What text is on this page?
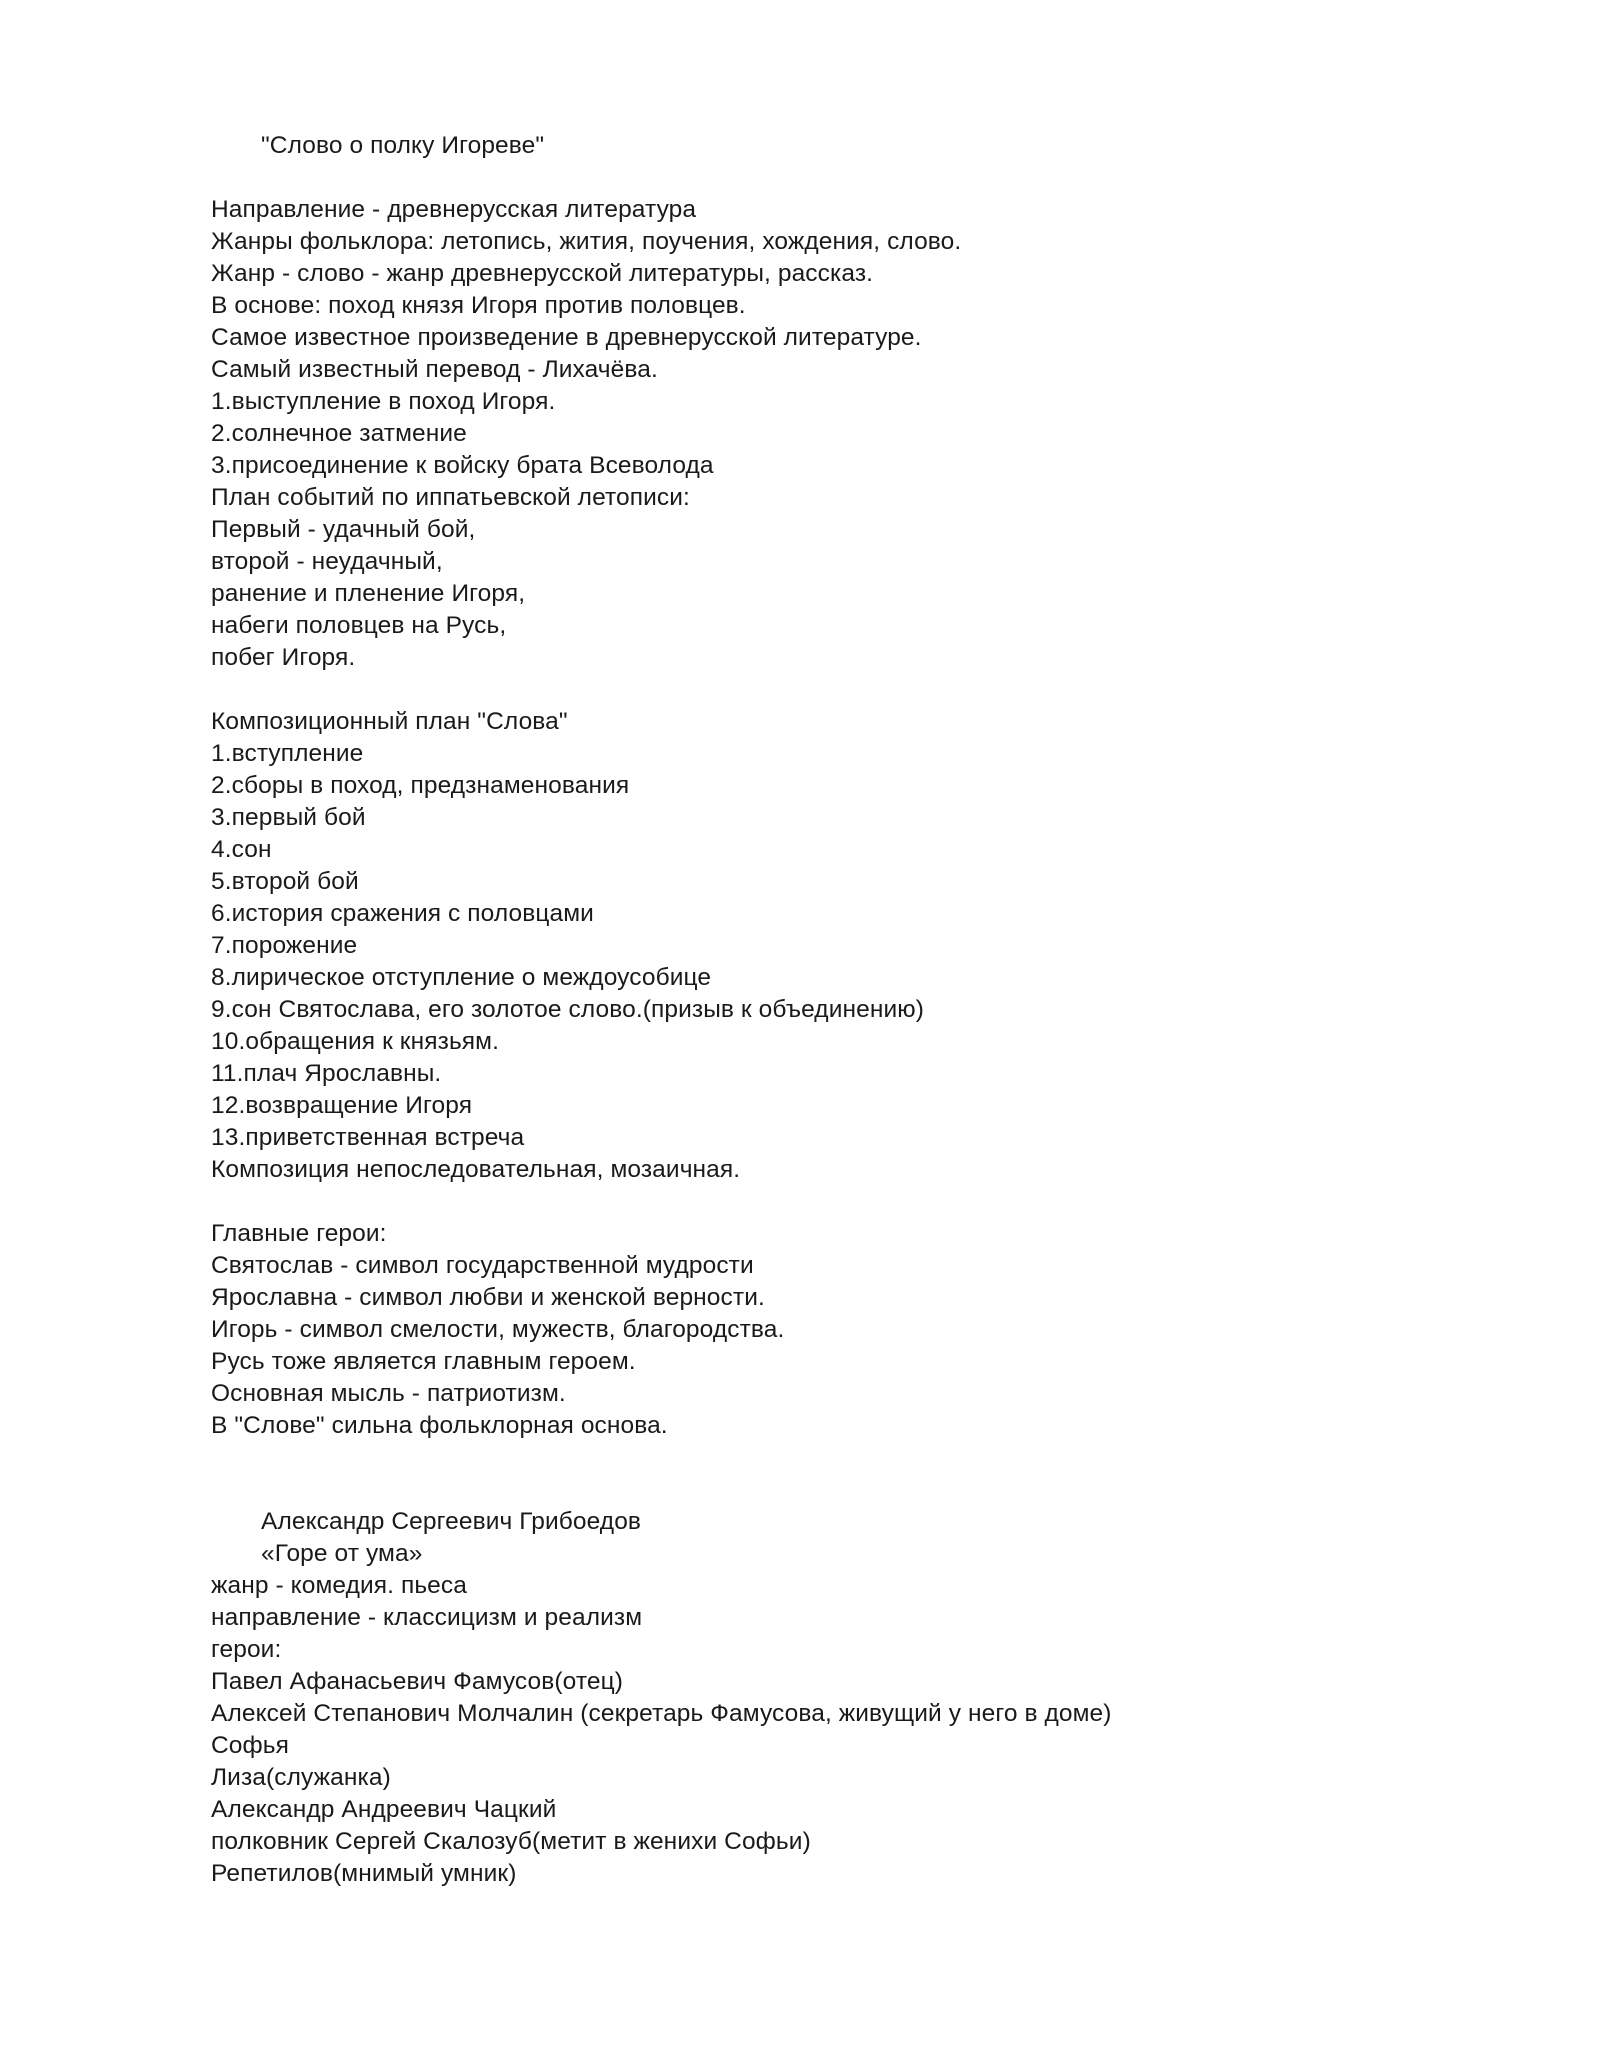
"Слово о полку Игореве"
Направление - древнерусская литература
Жанры фольклора: летопись, жития, поучения, хождения, слово.
Жанр - слово - жанр древнерусской литературы, рассказ.
В основе: поход князя Игоря против половцев.
Самое известное произведение в древнерусской литературе.
Самый известный перевод - Лихачёва.
1.выступление в поход Игоря.
2.солнечное затмение
3.присоединение к войску брата Всеволода
План событий по иппатьевской летописи:
Первый - удачный бой,
второй - неудачный,
ранение и пленение Игоря,
набеги половцев на Русь,
побег Игоря.
Композиционный план "Слова"
1.вступление
2.сборы в поход, предзнаменования
3.первый бой
4.сон
5.второй бой
6.история сражения с половцами
7.порожение
8.лирическое отступление о междоусобице
9.сон Святослава, его золотое слово.(призыв к объединению)
10.обращения к князьям.
11.плач Ярославны.
12.возвращение Игоря
13.приветственная встреча
Композиция непоследовательная, мозаичная.
Главные герои:
Святослав - символ государственной мудрости
Ярославна - символ любви и женской верности.
Игорь - символ смелости, мужеств, благородства.
Русь тоже является главным героем.
Основная мысль - патриотизм.
В "Слове" сильна фольклорная основа.
Александр Сергеевич Грибоедов
«Горе от ума»
жанр - комедия. пьеса
направление - классицизм и реализм
герои:
Павел Афанасьевич Фамусов(отец)
Алексей Степанович Молчалин (секретарь Фамусова, живущий у него в доме)
Софья
Лиза(служанка)
Александр Андреевич Чацкий
полковник Сергей Скалозуб(метит в женихи Софьи)
Репетилов(мнимый умник)
